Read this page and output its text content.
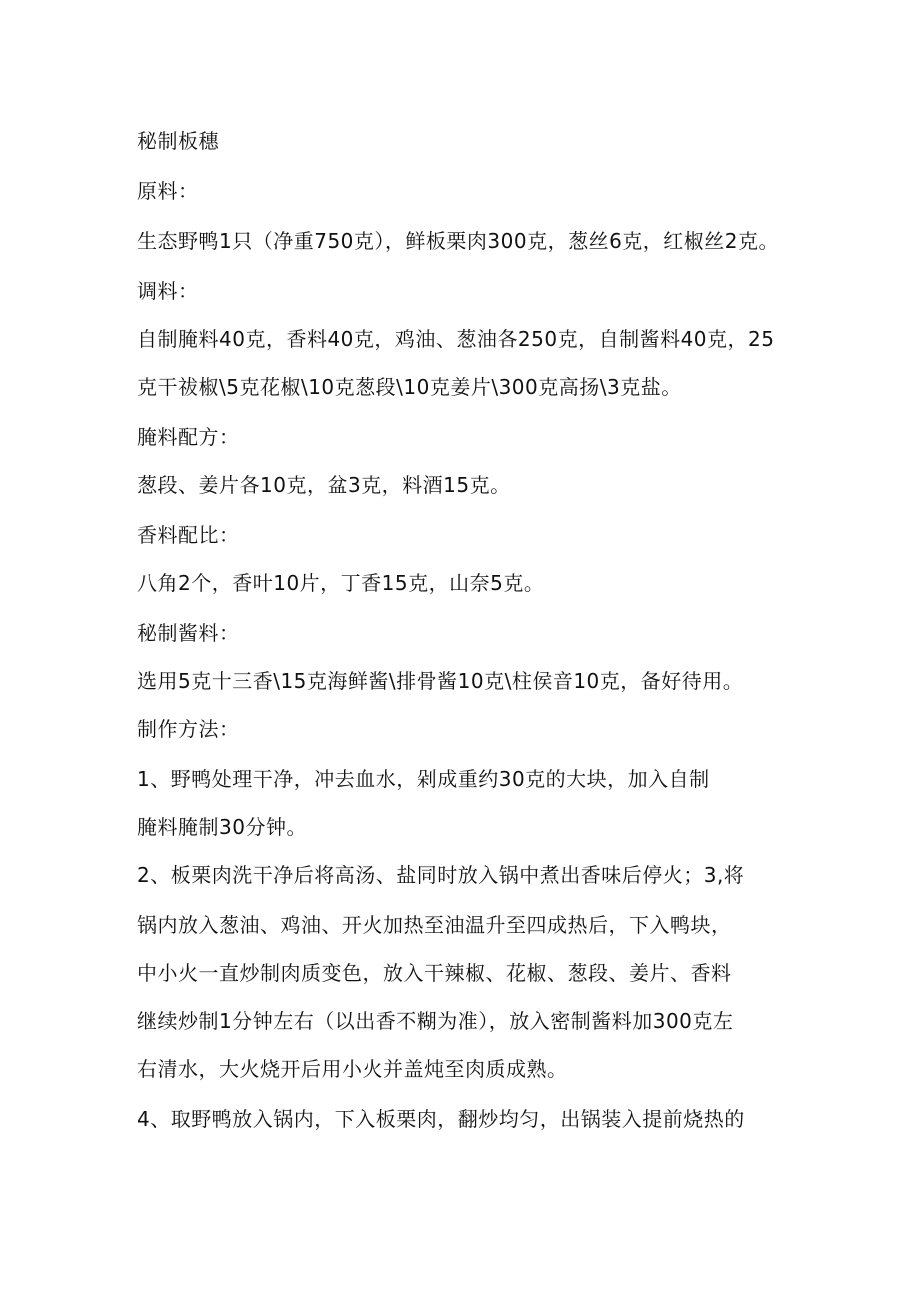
秘制板穗
原料：
生态野鸭1只（净重750克），鲜板栗肉300克，葱丝6克，红椒丝2克。
调料：
自制腌料40克，香料40克，鸡油、葱油各250克，自制酱料40克，25
克干祓椒\5克花椒\10克葱段\10克姜片\300克高扬\3克盐。
腌料配方：
葱段、姜片各10克，盆3克，料酒15克。
香料配比：
八角2个，香叶10片，丁香15克，山奈5克。
秘制酱料：
选用5克十三香\15克海鲜酱\排骨酱10克\柱侯音10克，备好待用。
制作方法：
1、野鸭处理干净，冲去血水，剁成重约30克的大块，加入自制
腌料腌制30分钟。
2、板栗肉洗干净后将高汤、盐同时放入锅中煮出香味后停火；3,将
锅内放入葱油、鸡油、开火加热至油温升至四成热后，下入鸭块，
中小火一直炒制肉质变色，放入干辣椒、花椒、葱段、姜片、香料
继续炒制1分钟左右（以出香不糊为准），放入密制酱料加300克左
右清水，大火烧开后用小火并盖炖至肉质成熟。
4、取野鸭放入锅内，下入板栗肉，翻炒均匀，出锅装入提前烧热的
